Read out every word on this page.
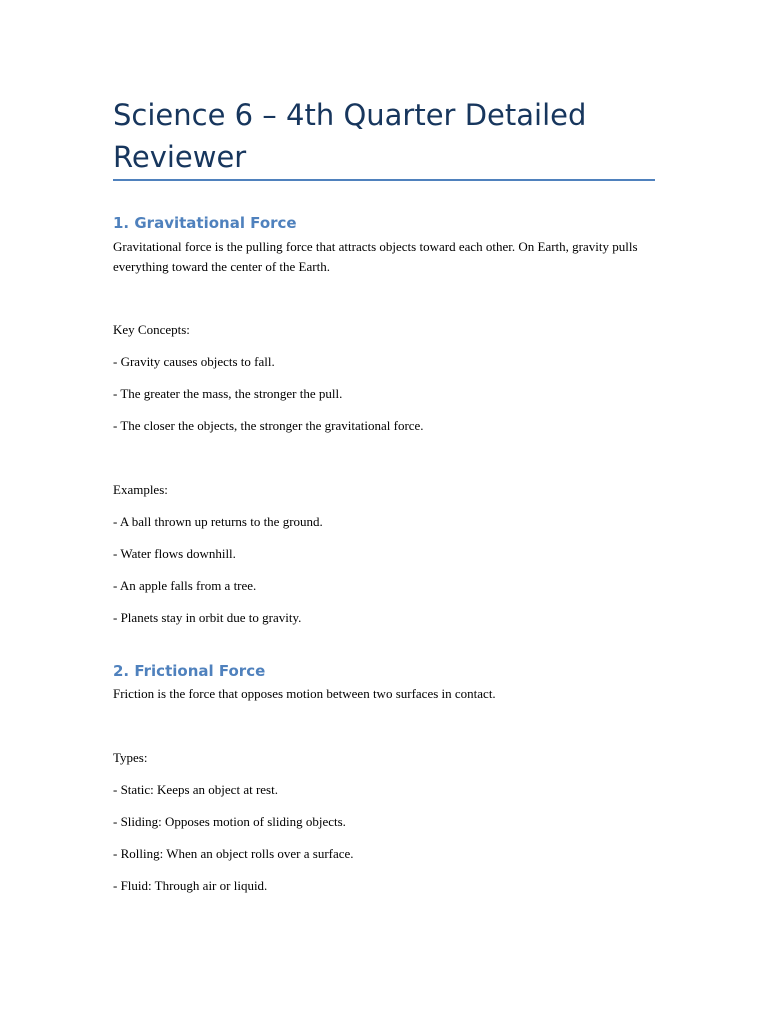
Science 6 – 4th Quarter Detailed Reviewer
1. Gravitational Force

Gravitational force is the pulling force that attracts objects toward each other. On Earth, gravity pulls everything toward the center of the Earth.

Key Concepts:

- Gravity causes objects to fall.

- The greater the mass, the stronger the pull.

- The closer the objects, the stronger the gravitational force.

Examples:

- A ball thrown up returns to the ground.

- Water flows downhill.

- An apple falls from a tree.

- Planets stay in orbit due to gravity.

2. Frictional Force

Friction is the force that opposes motion between two surfaces in contact.

Types:

- Static: Keeps an object at rest.

- Sliding: Opposes motion of sliding objects.

- Rolling: When an object rolls over a surface.

- Fluid: Through air or liquid.
